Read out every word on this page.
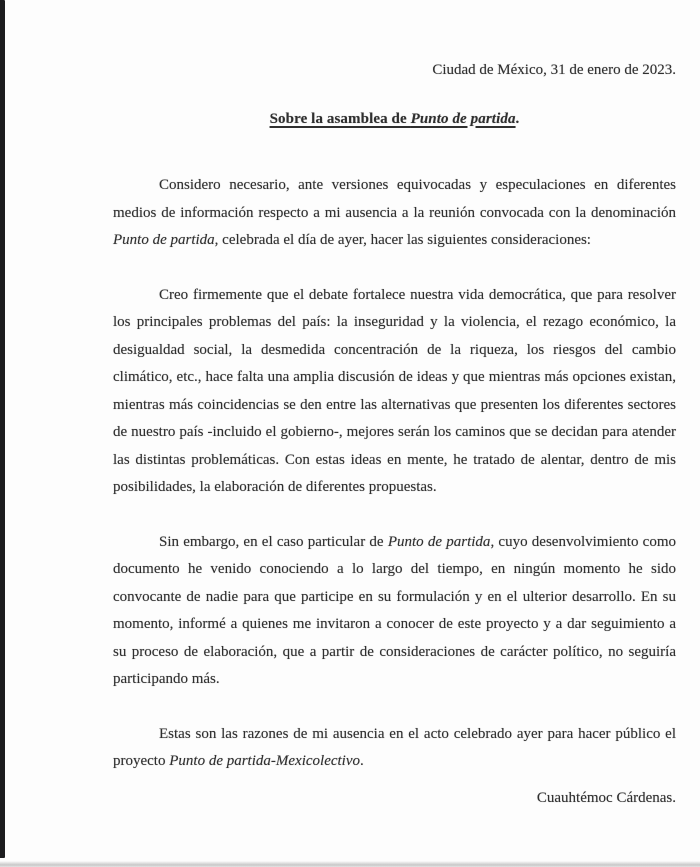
Ciudad de México, 31 de enero de 2023.
Sobre la asamblea de Punto de partida.

Considero necesario, ante versiones equivocadas y especulaciones en diferentes medios de información respecto a mi ausencia a la reunión convocada con la denominación Punto de partida, celebrada el día de ayer, hacer las siguientes consideraciones:

Creo firmemente que el debate fortalece nuestra vida democrática, que para resolver los principales problemas del país: la inseguridad y la violencia, el rezago económico, la desigualdad social, la desmedida concentración de la riqueza, los riesgos del cambio climático, etc., hace falta una amplia discusión de ideas y que mientras más opciones existan, mientras más coincidencias se den entre las alternativas que presenten los diferentes sectores de nuestro país -incluido el gobierno-, mejores serán los caminos que se decidan para atender las distintas problemáticas. Con estas ideas en mente, he tratado de alentar, dentro de mis posibilidades, la elaboración de diferentes propuestas.

Sin embargo, en el caso particular de Punto de partida, cuyo desenvolvimiento como documento he venido conociendo a lo largo del tiempo, en ningún momento he sido convocante de nadie para que participe en su formulación y en el ulterior desarrollo. En su momento, informé a quienes me invitaron a conocer de este proyecto y a dar seguimiento a su proceso de elaboración, que a partir de consideraciones de carácter político, no seguiría participando más.

Estas son las razones de mi ausencia en el acto celebrado ayer para hacer público el proyecto Punto de partida-Mexicolectivo.

Cuauhtémoc Cárdenas.
